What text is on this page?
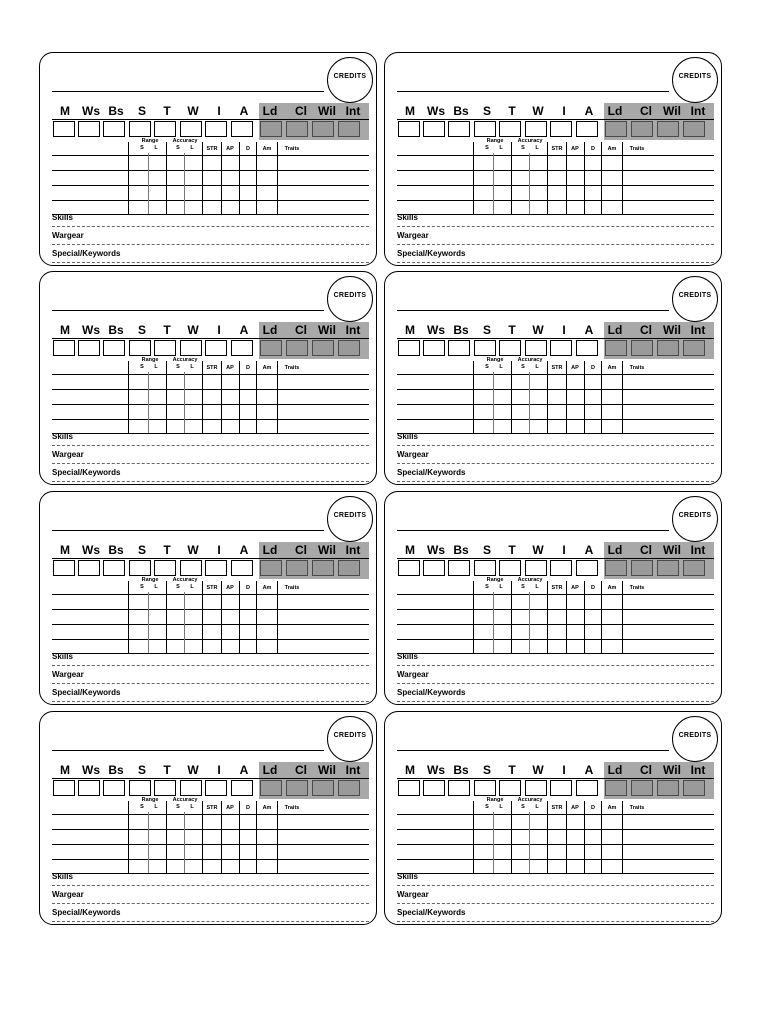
CREDITS
M	Ws Bs	S	T	W	I	A	Ld	Cl Wil Int
Range
S	L
Accuracy
S	L	STR	AP	D	Am	Traits
Skills
Wargear
Special/Keywords
CREDITS
M	Ws Bs	S	T	W	I	A	Ld	Cl Wil Int
Range
S	L
Accuracy
S	L	STR	AP	D	Am	Traits
Skills
Wargear
Special/Keywords
CREDITS
M	Ws Bs	S	T	W	I	A	Ld	Cl Wil Int
Range
S	L
Accuracy
S	L	STR	AP	D	Am	Traits
Skills
Wargear
Special/Keywords
CREDITS
M	Ws Bs	S	T	W	I	A	Ld	Cl Wil Int
Range
S	L
Accuracy
S	L	STR	AP	D	Am	Traits
Skills
Wargear
Special/Keywords
CREDITS
M	Ws Bs	S	T	W	I	A	Ld	Cl Wil Int
Range
S	L
Accuracy
S	L	STR	AP	D	Am	Traits
Skills
Wargear
Special/Keywords
CREDITS
M	Ws Bs	S	T	W	I	A	Ld	Cl Wil Int
Range
S	L
Accuracy
S	L	STR	AP	D	Am	Traits
Skills
Wargear
Special/Keywords
CREDITS
M	Ws Bs	S	T	W	I	A	Ld	Cl Wil Int
Range
S	L
Accuracy
S	L	STR	AP	D	Am	Traits
Skills
Wargear
Special/Keywords
CREDITS
M	Ws Bs	S	T	W	I	A	Ld	Cl Wil Int
Range
S	L
Accuracy
S	L	STR	AP	D	Am	Traits
Skills
Wargear
Special/Keywords
